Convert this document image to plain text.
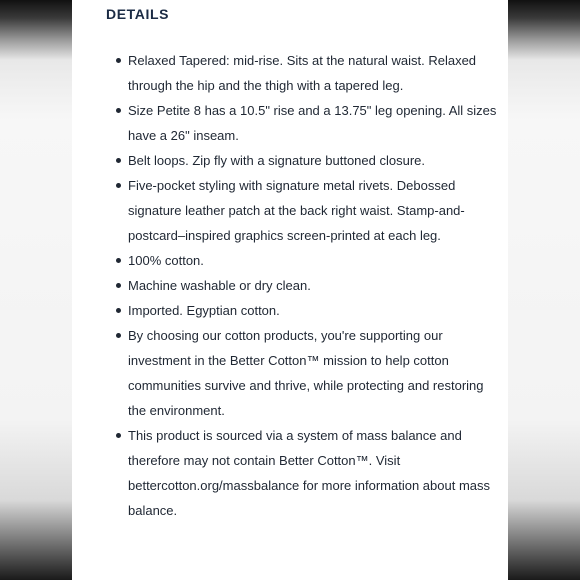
DETAILS
Relaxed Tapered: mid-rise. Sits at the natural waist. Relaxed through the hip and the thigh with a tapered leg.
Size Petite 8 has a 10.5" rise and a 13.75" leg opening. All sizes have a 26" inseam.
Belt loops. Zip fly with a signature buttoned closure.
Five-pocket styling with signature metal rivets. Debossed signature leather patch at the back right waist. Stamp-and-postcard–inspired graphics screen-printed at each leg.
100% cotton.
Machine washable or dry clean.
Imported. Egyptian cotton.
By choosing our cotton products, you're supporting our investment in the Better Cotton™ mission to help cotton communities survive and thrive, while protecting and restoring the environment.
This product is sourced via a system of mass balance and therefore may not contain Better Cotton™. Visit bettercotton.org/massbalance for more information about mass balance.
